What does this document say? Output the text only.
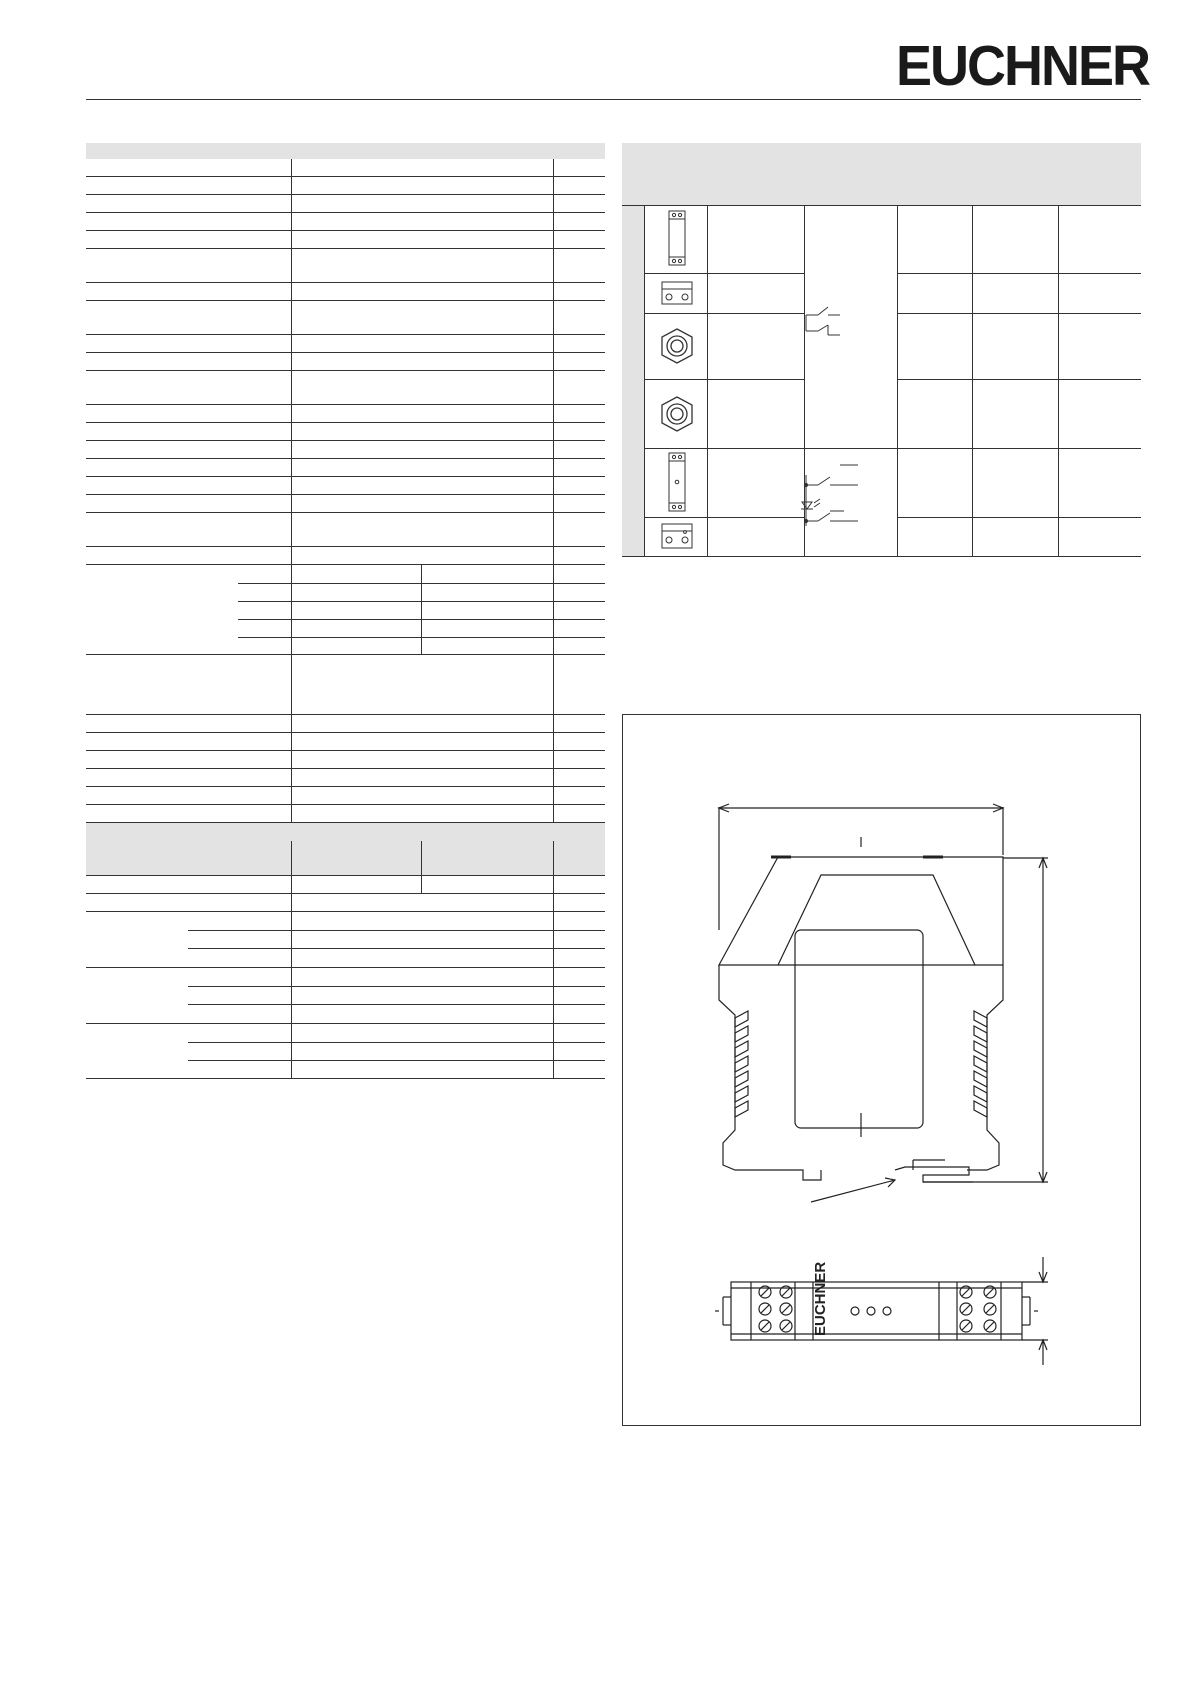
EUCHNER
EUCHNER
